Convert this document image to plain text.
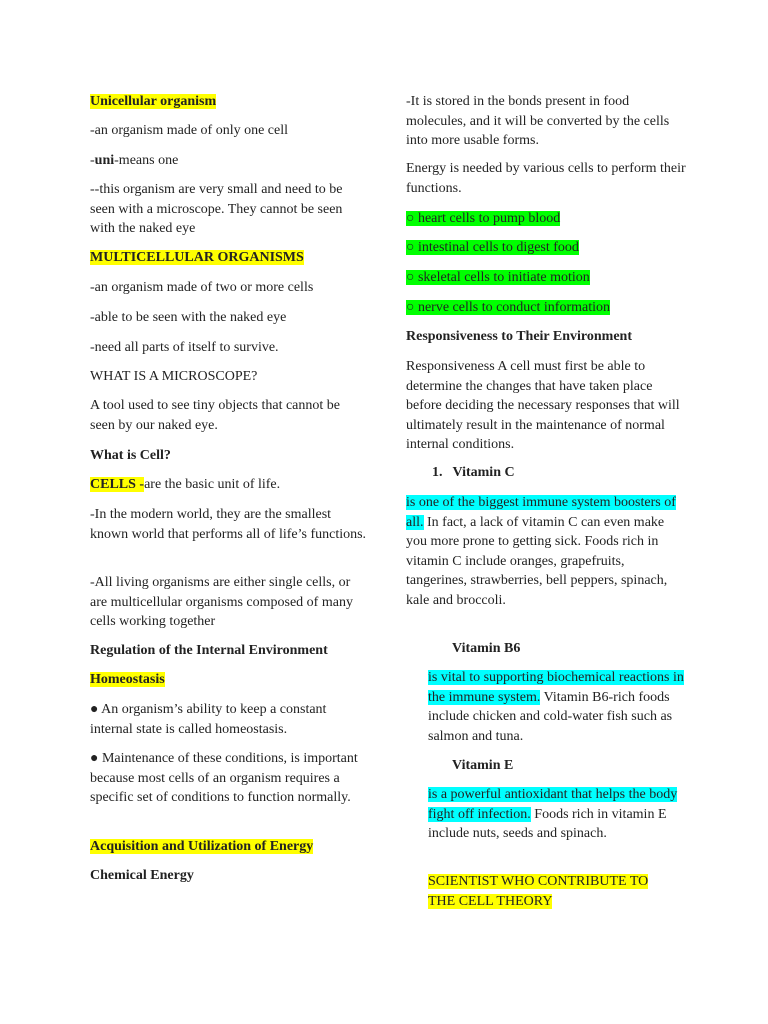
Unicellular organism

-an organism made of only one cell

-uni-means one

--this organism are very small and need to be seen with a microscope. They cannot be seen with the naked eye

MULTICELLULAR ORGANISMS

-an organism made of two or more cells

-able to be seen with the naked eye

-need all parts of itself to survive.

WHAT IS A MICROSCOPE?

A tool used to see tiny objects that cannot be seen by our naked eye.

What is Cell?

CELLS -are the basic unit of life.

-In the modern world, they are the smallest known world that performs all of life’s functions.

-All living organisms are either single cells, or are multicellular organisms composed of many cells working together

Regulation of the Internal Environment

Homeostasis

● An organism’s ability to keep a constant internal state is called homeostasis.

● Maintenance of these conditions, is important because most cells of an organism requires a specific set of conditions to function normally.

Acquisition and Utilization of Energy

Chemical Energy

-It is stored in the bonds present in food molecules, and it will be converted by the cells into more usable forms.

Energy is needed by various cells to perform their functions.

○ heart cells to pump blood

○ intestinal cells to digest food

○ skeletal cells to initiate motion

○ nerve cells to conduct information

Responsiveness to Their Environment

Responsiveness A cell must first be able to determine the changes that have taken place before deciding the necessary responses that will ultimately result in the maintenance of normal internal conditions.

1. Vitamin C

is one of the biggest immune system boosters of all. In fact, a lack of vitamin C can even make you more prone to getting sick. Foods rich in vitamin C include oranges, grapefruits, tangerines, strawberries, bell peppers, spinach, kale and broccoli.

Vitamin B6

is vital to supporting biochemical reactions in the immune system. Vitamin B6-rich foods include chicken and cold-water fish such as salmon and tuna.

Vitamin E

is a powerful antioxidant that helps the body fight off infection. Foods rich in vitamin E include nuts, seeds and spinach.

SCIENTIST WHO CONTRIBUTE TO THE CELL THEORY
